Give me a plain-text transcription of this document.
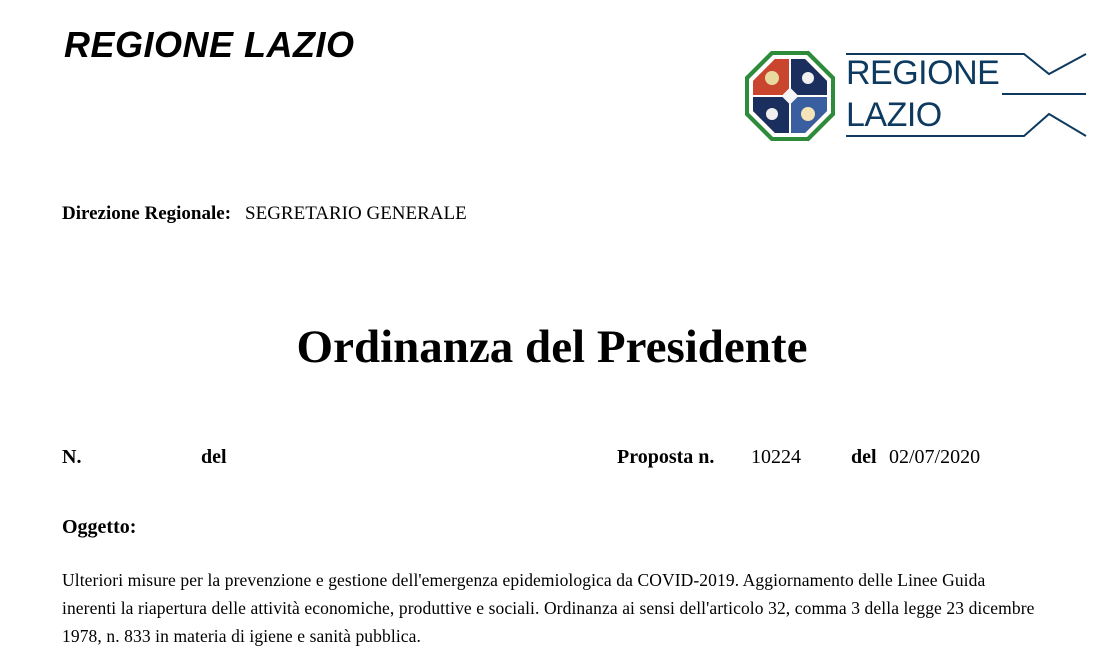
REGIONE LAZIO
REGIONE
LAZIO
Direzione Regionale: SEGRETARIO GENERALE
Ordinanza del Presidente
N.	del	Proposta n. 10224	del 02/07/2020
Oggetto:
Ulteriori misure per la prevenzione e gestione dell'emergenza epidemiologica da COVID-2019. Aggiornamento delle Linee Guida inerenti la riapertura delle attività economiche, produttive e sociali. Ordinanza ai sensi dell'articolo 32, comma 3 della legge 23 dicembre 1978, n. 833 in materia di igiene e sanità pubblica.
